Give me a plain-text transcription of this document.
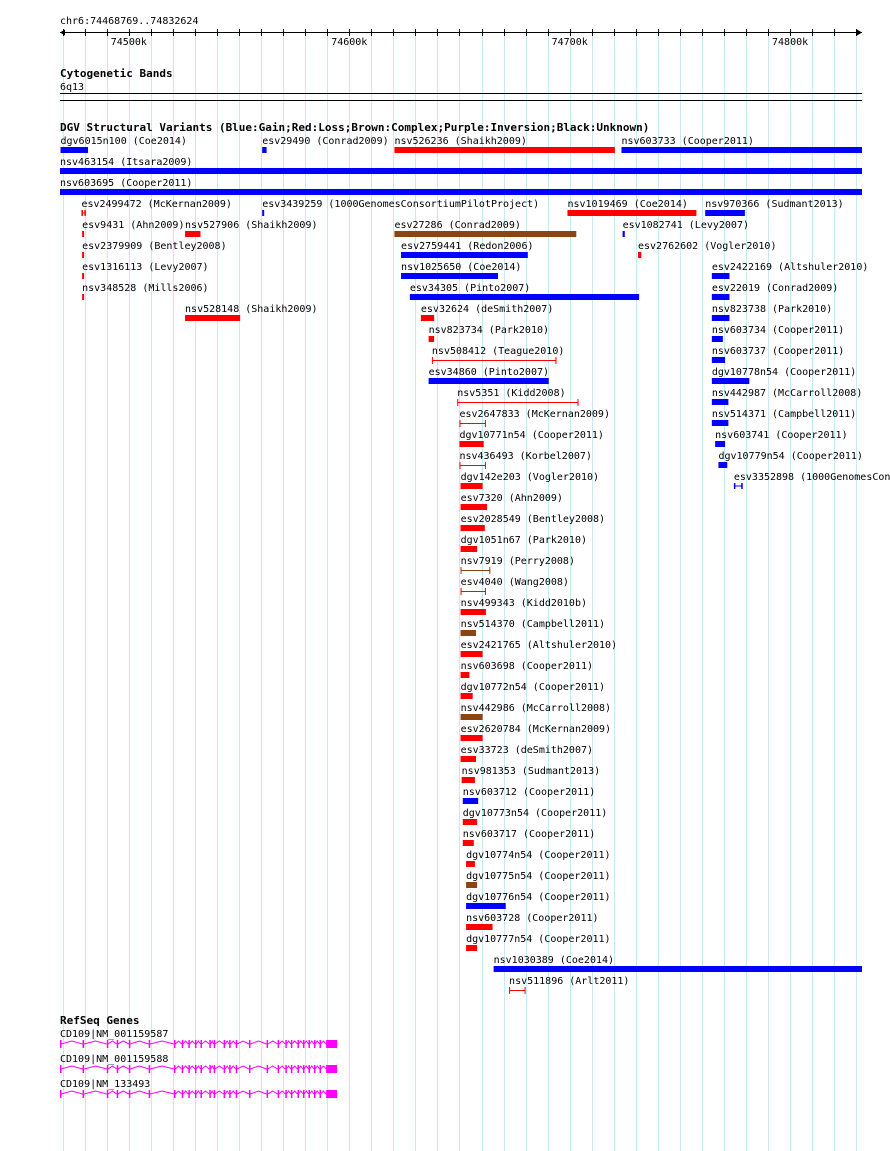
chr6:74468769..74832624
74500k	74600k	74700k	74800k
Cytogenetic Bands
6q13
DGV Structural Variants (Blue:Gain;Red:Loss;Brown:Complex;Purple:Inversion;Black:Unknown)
dgv6015n100 (Coe2014)	esv29490 (Conrad2009) nsv526236 (Shaikh2009)	nsv603733 (Cooper2011)
nsv463154 (Itsara2009)
nsv603695 (Cooper2011)
esv2499472 (McKernan2009)	esv3439259 (1000GenomesConsortiumPilotProject)	nsv1019469 (Coe2014) nsv970366 (Sudmant2013)
esv9431 (Ahn2009) nsv527906 (Shaikh2009)	esv27286 (Conrad2009)	esv1082741 (Levy2007)
esv2379909 (Bentley2008)	esv2759441 (Redon2006)	esv2762602 (Vogler2010)
esv1316113 (Levy2007)	nsv1025650 (Coe2014)	esv2422169 (Altshuler2010)
nsv348528 (Mills2006)	esv34305 (Pinto2007)	esv22019 (Conrad2009)
nsv528148 (Shaikh2009)	esv32624 (deSmith2007)	nsv823738 (Park2010)
nsv823734 (Park2010)	nsv603734 (Cooper2011)
nsv508412 (Teague2010)	nsv603737 (Cooper2011)
esv34860 (Pinto2007)	dgv10778n54 (Cooper2011)
nsv5351 (Kidd2008)	nsv442987 (McCarroll2008)
esv2647833 (McKernan2009)	nsv514371 (Campbell2011)
dgv10771n54 (Cooper2011)	nsv603741 (Cooper2011)
nsv436493 (Korbel2007)	dgv10779n54 (Cooper2011)
dgv142e203 (Vogler2010)	esv3352898 (1000GenomesCon
esv7320 (Ahn2009)
esv2028549 (Bentley2008)
dgv1051n67 (Park2010)
nsv7919 (Perry2008)
esv4040 (Wang2008)
nsv499343 (Kidd2010b)
nsv514370 (Campbell2011)
esv2421765 (Altshuler2010)
nsv603698 (Cooper2011)
dgv10772n54 (Cooper2011)
nsv442986 (McCarroll2008)
esv2620784 (McKernan2009)
esv33723 (deSmith2007)
nsv981353 (Sudmant2013)
nsv603712 (Cooper2011)
dgv10773n54 (Cooper2011)
nsv603717 (Cooper2011)
dgv10774n54 (Cooper2011)
dgv10775n54 (Cooper2011)
dgv10776n54 (Cooper2011)
nsv603728 (Cooper2011)
dgv10777n54 (Cooper2011)
nsv1030389 (Coe2014)
nsv511896 (Arlt2011)
RefSeq Genes
CD109|NM_001159587
CD109|NM_001159588
CD109|NM_133493
